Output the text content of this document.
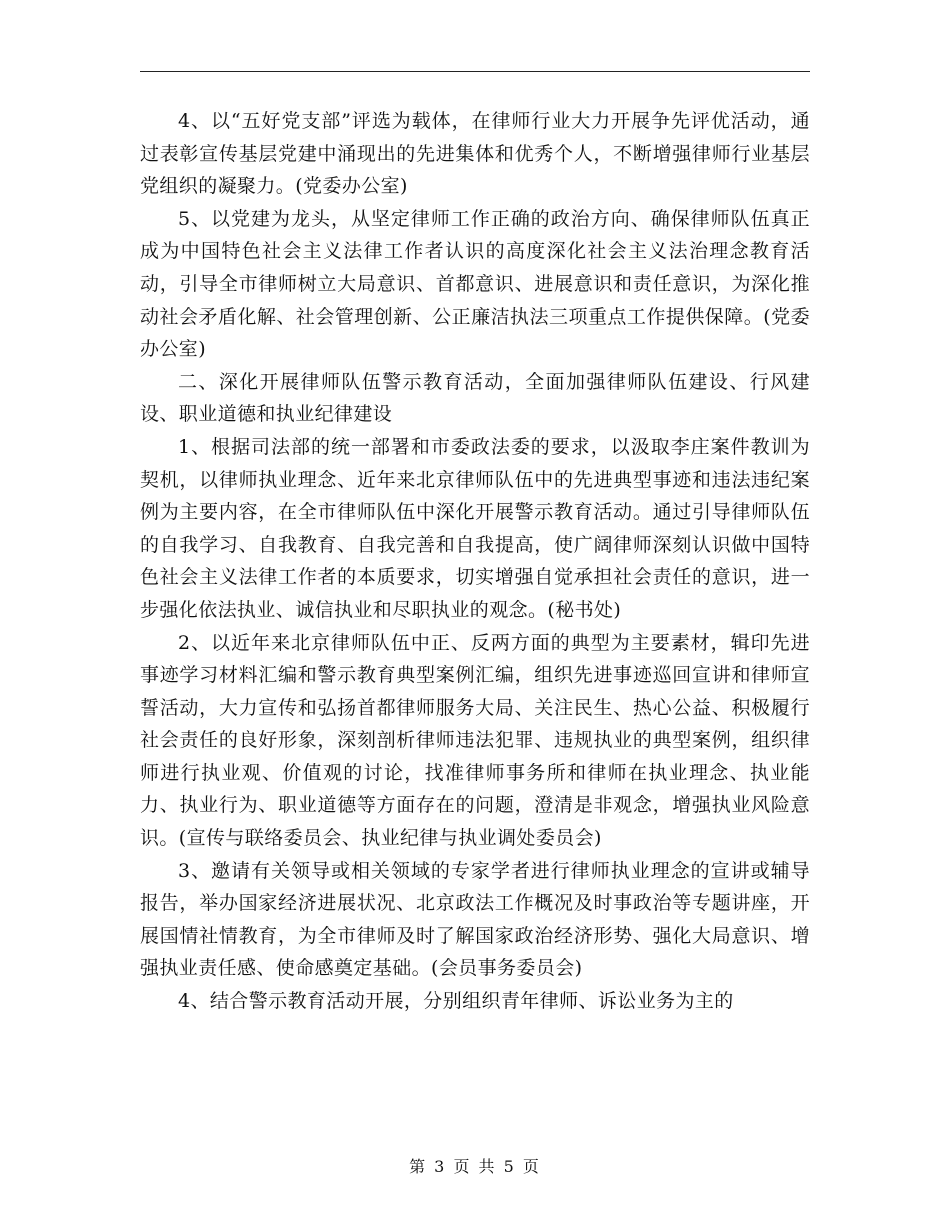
4、以“五好党支部”评选为载体，在律师行业大力开展争先评优活动，通过表彰宣传基层党建中涌现出的先进集体和优秀个人，不断增强律师行业基层党组织的凝聚力。(党委办公室)

5、以党建为龙头，从坚定律师工作正确的政治方向、确保律师队伍真正成为中国特色社会主义法律工作者认识的高度深化社会主义法治理念教育活动，引导全市律师树立大局意识、首都意识、进展意识和责任意识，为深化推动社会矛盾化解、社会管理创新、公正廉洁执法三项重点工作提供保障。(党委办公室)

二、深化开展律师队伍警示教育活动，全面加强律师队伍建设、行风建设、职业道德和执业纪律建设

1、根据司法部的统一部署和市委政法委的要求，以汲取李庄案件教训为契机，以律师执业理念、近年来北京律师队伍中的先进典型事迹和违法违纪案例为主要内容，在全市律师队伍中深化开展警示教育活动。通过引导律师队伍的自我学习、自我教育、自我完善和自我提高，使广阔律师深刻认识做中国特色社会主义法律工作者的本质要求，切实增强自觉承担社会责任的意识，进一步强化依法执业、诚信执业和尽职执业的观念。(秘书处)

2、以近年来北京律师队伍中正、反两方面的典型为主要素材，辑印先进事迹学习材料汇编和警示教育典型案例汇编，组织先进事迹巡回宣讲和律师宣誓活动，大力宣传和弘扬首都律师服务大局、关注民生、热心公益、积极履行社会责任的良好形象，深刻剖析律师违法犯罪、违规执业的典型案例，组织律师进行执业观、价值观的讨论，找准律师事务所和律师在执业理念、执业能力、执业行为、职业道德等方面存在的问题，澄清是非观念，增强执业风险意识。(宣传与联络委员会、执业纪律与执业调处委员会)

3、邀请有关领导或相关领域的专家学者进行律师执业理念的宣讲或辅导报告，举办国家经济进展状况、北京政法工作概况及时事政治等专题讲座，开展国情社情教育，为全市律师及时了解国家政治经济形势、强化大局意识、增强执业责任感、使命感奠定基础。(会员事务委员会)

4、结合警示教育活动开展，分别组织青年律师、诉讼业务为主的

第 3 页 共 5 页
